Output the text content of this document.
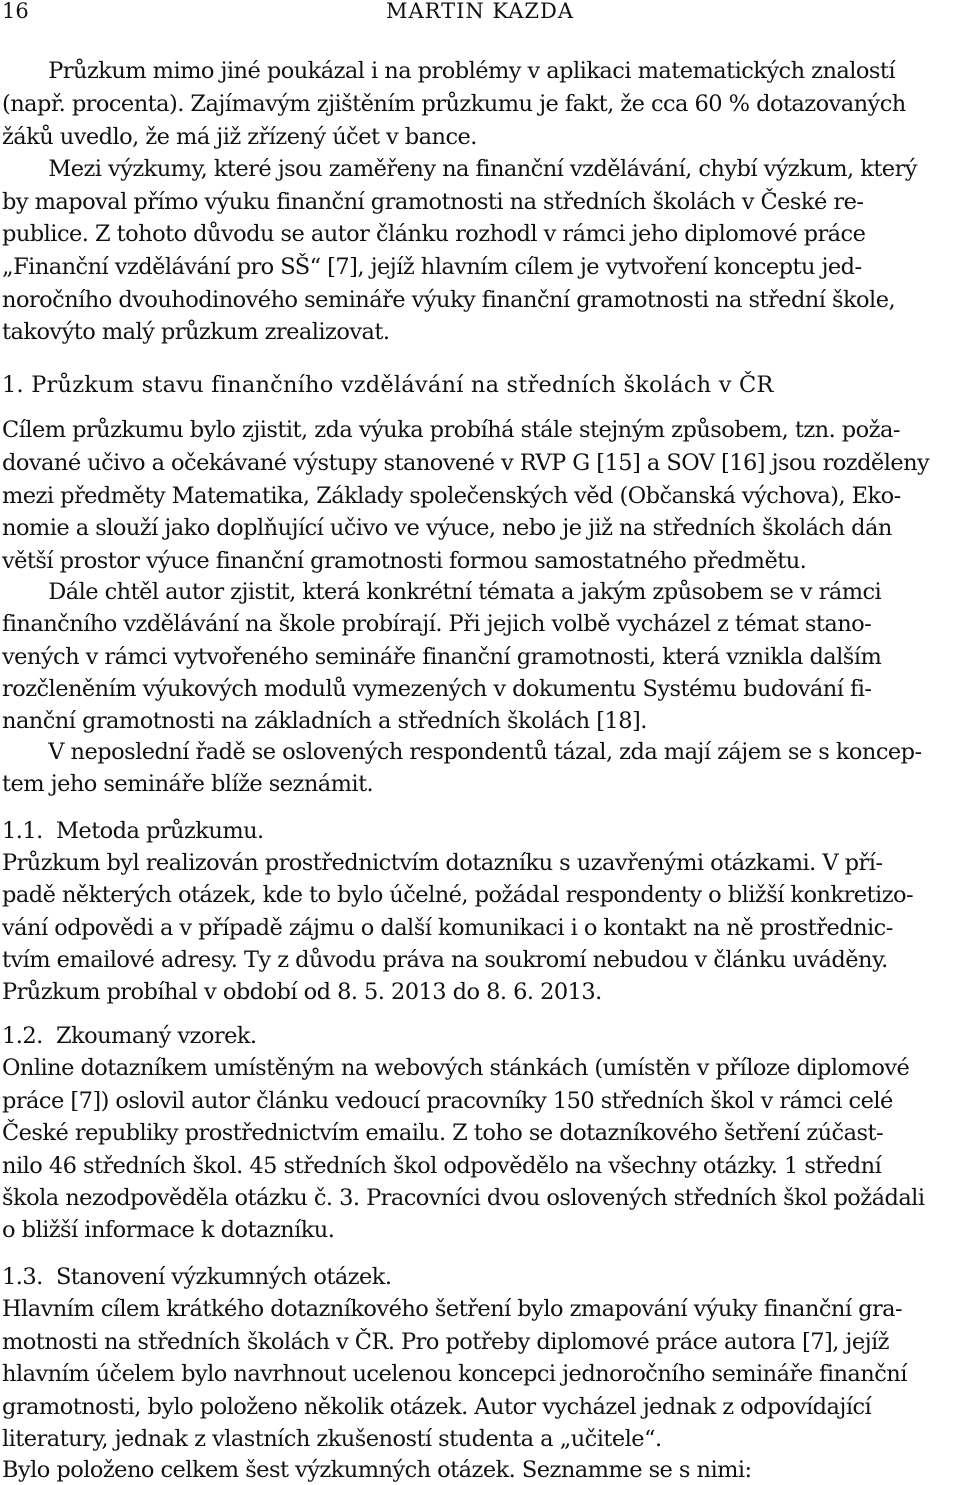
16	MARTIN KAZDA
Průzkum mimo jiné poukázal i na problémy v aplikaci matematických znalostí
(např. procenta). Zajímavým zjištěním průzkumu je fakt, že cca 60 % dotazovaných
žáků uvedlo, že má již zřízený účet v bance.
Mezi výzkumy, které jsou zaměřeny na finanční vzdělávání, chybí výzkum, který
by mapoval přímo výuku finanční gramotnosti na středních školách v České re-
publice. Z tohoto důvodu se autor článku rozhodl v rámci jeho diplomové práce
„Finanční vzdělávání pro SŠ“ [7], jejíž hlavním cílem je vytvoření konceptu jed-
noročního dvouhodinového semináře výuky finanční gramotnosti na střední škole,
takovýto malý průzkum zrealizovat.
1. Průzkum stavu finančního vzdělávání na středních školách v ČR
Cílem průzkumu bylo zjistit, zda výuka probíhá stále stejným způsobem, tzn. poža-
dované učivo a očekávané výstupy stanovené v RVP G [15] a SOV [16] jsou rozděleny
mezi předměty Matematika, Základy společenských věd (Občanská výchova), Eko-
nomie a slouží jako doplňující učivo ve výuce, nebo je již na středních školách dán
větší prostor výuce finanční gramotnosti formou samostatného předmětu.
Dále chtěl autor zjistit, která konkrétní témata a jakým způsobem se v rámci
finančního vzdělávání na škole probírají. Při jejich volbě vycházel z témat stano-
vených v rámci vytvořeného semináře finanční gramotnosti, která vznikla dalším
rozčleněním výukových modulů vymezených v dokumentu Systému budování fi-
nanční gramotnosti na základních a středních školách [18].
V neposlední řadě se oslovených respondentů tázal, zda mají zájem se s koncep-
tem jeho semináře blíže seznámit.
1.1.  Metoda průzkumu.
Průzkum byl realizován prostřednictvím dotazníku s uzavřenými otázkami. V pří-
padě některých otázek, kde to bylo účelné, požádal respondenty o bližší konkretizo-
vání odpovědi a v případě zájmu o další komunikaci i o kontakt na ně prostřednic-
tvím emailové adresy. Ty z důvodu práva na soukromí nebudou v článku uváděny.
Průzkum probíhal v období od 8. 5. 2013 do 8. 6. 2013.
1.2.  Zkoumaný vzorek.
Online dotazníkem umístěným na webových stánkách (umístěn v příloze diplomové
práce [7]) oslovil autor článku vedoucí pracovníky 150 středních škol v rámci celé
České republiky prostřednictvím emailu. Z toho se dotazníkového šetření zúčast-
nilo 46 středních škol. 45 středních škol odpovědělo na všechny otázky. 1 střední
škola nezodpověděla otázku č. 3. Pracovníci dvou oslovených středních škol požádali
o bližší informace k dotazníku.
1.3.  Stanovení výzkumných otázek.
Hlavním cílem krátkého dotazníkového šetření bylo zmapování výuky finanční gra-
motnosti na středních školách v ČR. Pro potřeby diplomové práce autora [7], jejíž
hlavním účelem bylo navrhnout ucelenou koncepci jednoročního semináře finanční
gramotnosti, bylo položeno několik otázek. Autor vycházel jednak z odpovídající
literatury, jednak z vlastních zkušeností studenta a „učitele“.
Bylo položeno celkem šest výzkumných otázek. Seznamme se s nimi:
